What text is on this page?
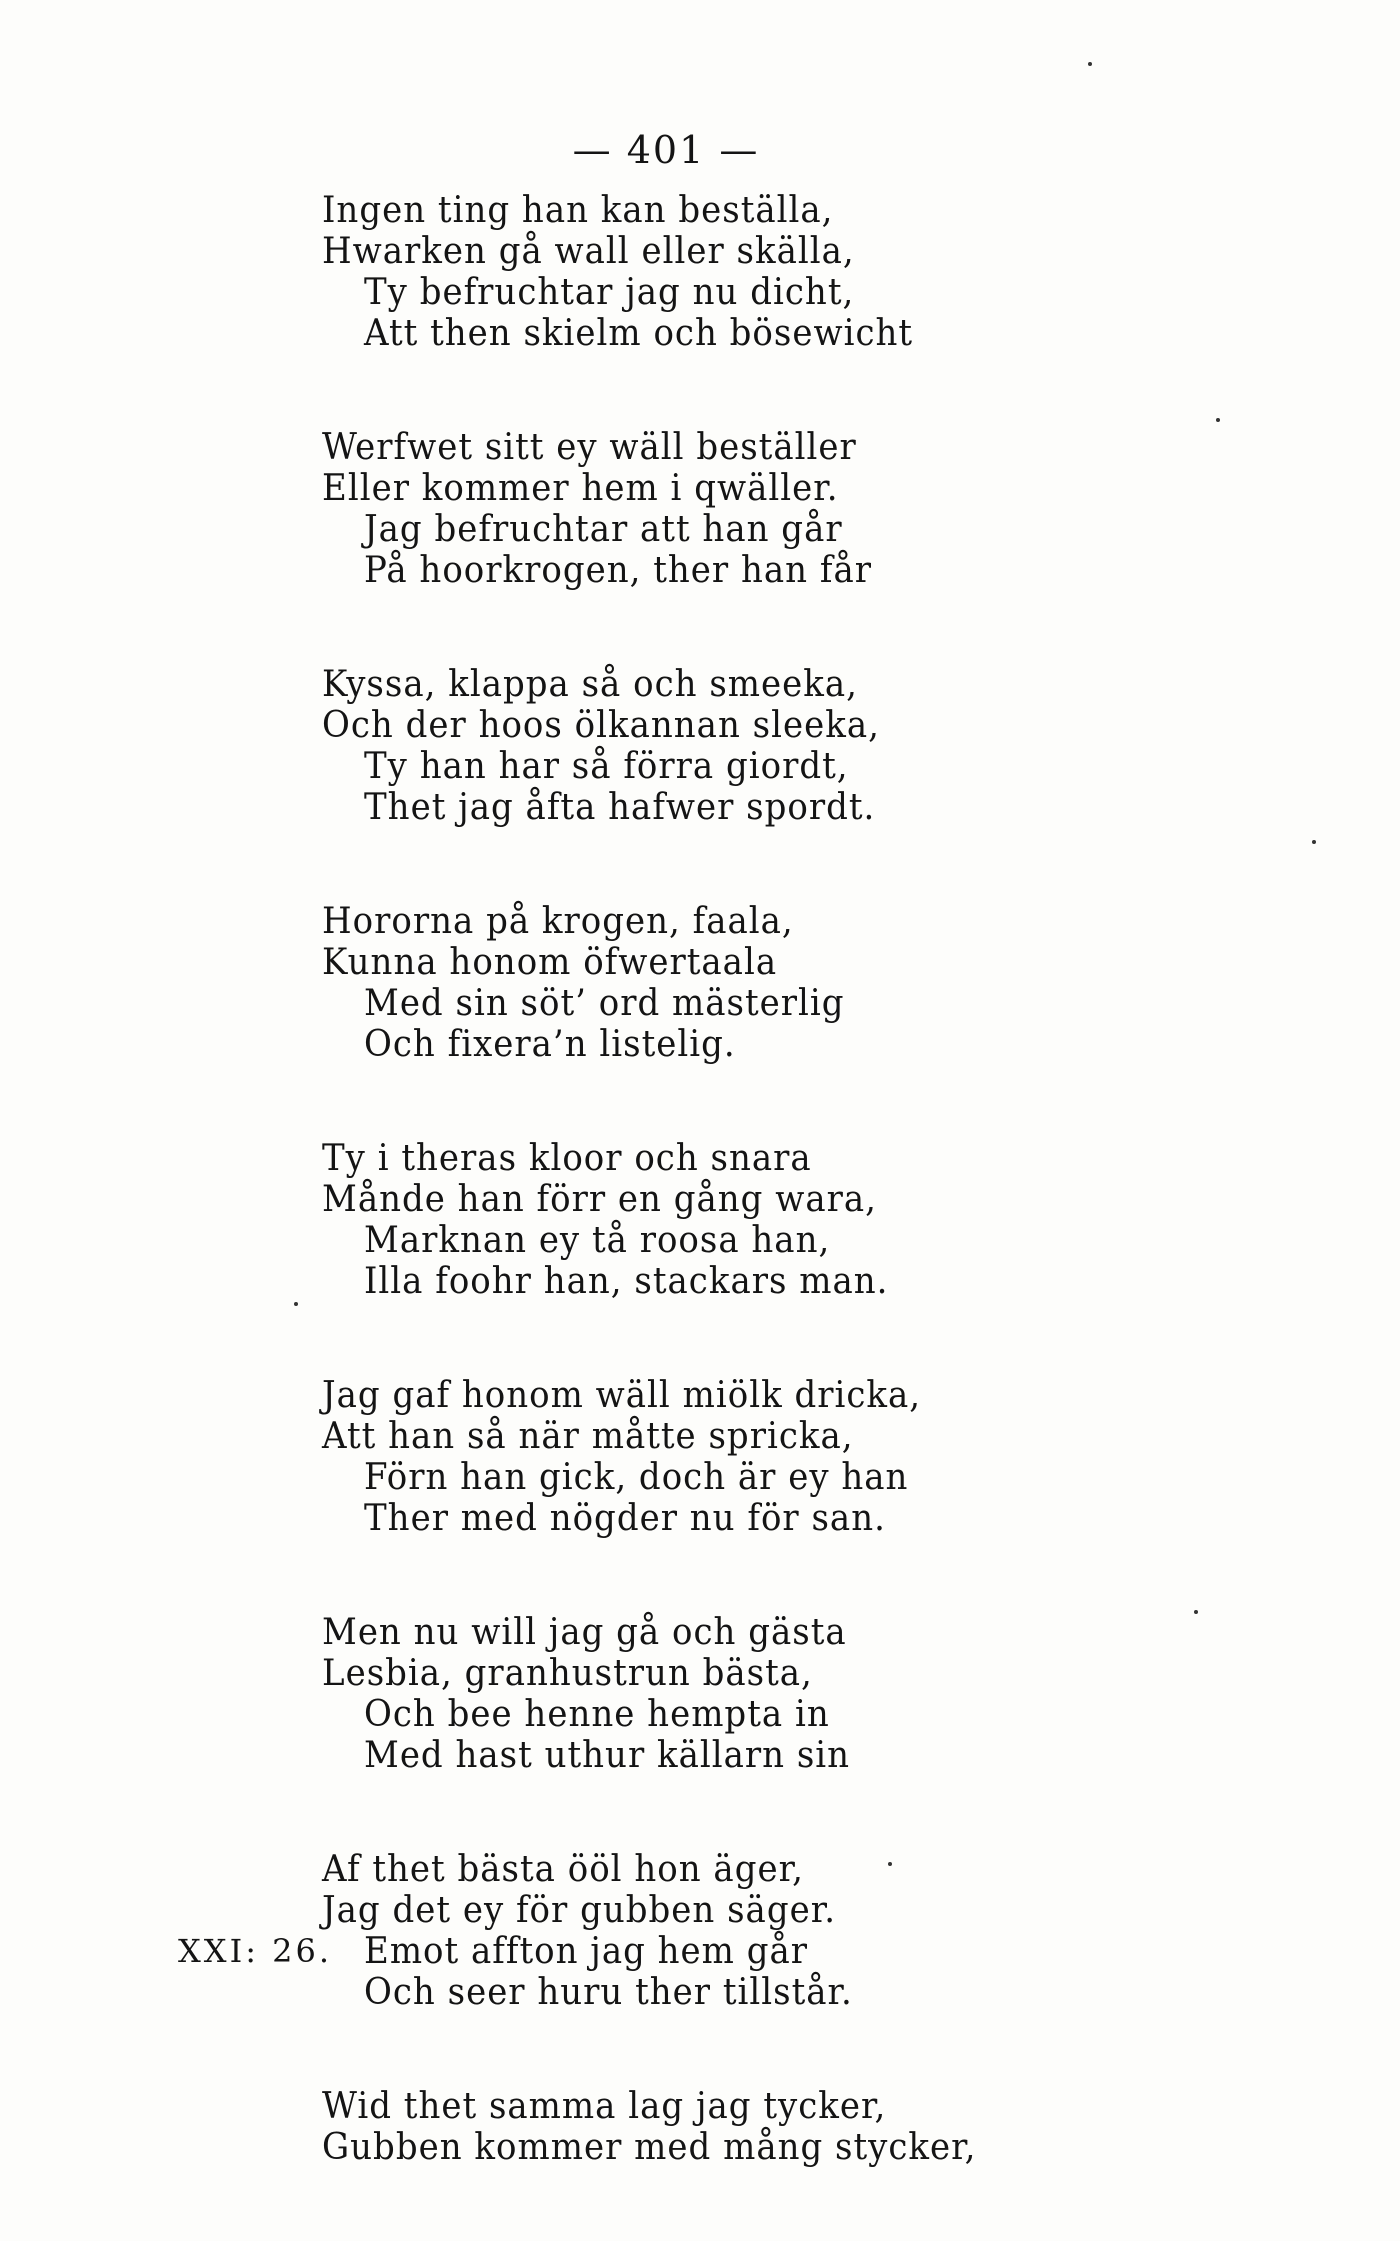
— 401 —
Ingen ting han kan beställa,
Hwarken gå wall eller skälla,
Ty befruchtar jag nu dicht,
Att then skielm och bösewicht
Werfwet sitt ey wäll beställer
Eller kommer hem i qwäller.
Jag befruchtar att han går
På hoorkrogen, ther han får
Kyssa, klappa så och smeeka,
Och der hoos ölkannan sleeka,
Ty han har så förra giordt,
Thet jag åfta hafwer spordt.
Hororna på krogen, faala,
Kunna honom öfwertaala
Med sin söt’ ord mästerlig
Och fixera’n listelig.
Ty i theras kloor och snara
Månde han förr en gång wara,
Marknan ey tå roosa han,
Illa foohr han, stackars man.
Jag gaf honom wäll miölk dricka,
Att han så när måtte spricka,
Förn han gick, doch är ey han
Ther med nögder nu för san.
Men nu will jag gå och gästa
Lesbia, granhustrun bästa,
Och bee henne hempta in
Med hast uthur källarn sin
Af thet bästa ööl hon äger,
Jag det ey för gubben säger.
Emot affton jag hem går
Och seer huru ther tillstår.
Wid thet samma lag jag tycker,
Gubben kommer med mång stycker,
XXI: 26.
